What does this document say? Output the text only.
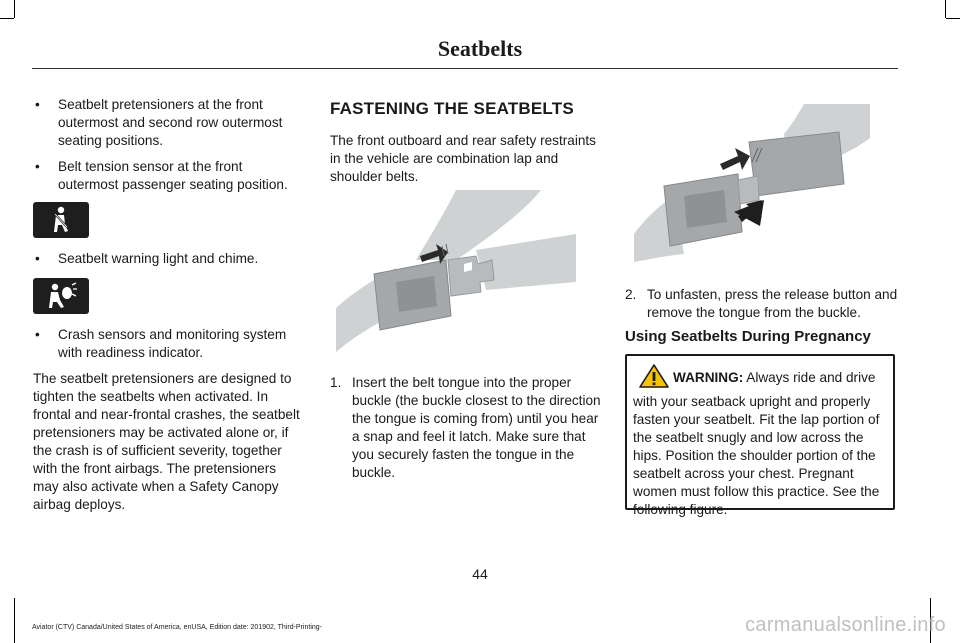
Seatbelts
• Seatbelt pretensioners at the front outermost and second row outermost seating positions.
• Belt tension sensor at the front outermost passenger seating position.
• Seatbelt warning light and chime.
• Crash sensors and monitoring system with readiness indicator.

The seatbelt pretensioners are designed to tighten the seatbelts when activated. In frontal and near-frontal crashes, the seatbelt pretensioners may be activated alone or, if the crash is of sufficient severity, together with the front airbags. The pretensioners may also activate when a Safety Canopy airbag deploys.

FASTENING THE SEATBELTS

The front outboard and rear safety restraints in the vehicle are combination lap and shoulder belts.

1. Insert the belt tongue into the proper buckle (the buckle closest to the direction the tongue is coming from) until you hear a snap and feel it latch. Make sure that you securely fasten the tongue in the buckle.
2. To unfasten, press the release button and remove the tongue from the buckle.
Using Seatbelts During Pregnancy
WARNING: Always ride and drive with your seatback upright and properly fasten your seatbelt. Fit the lap portion of the seatbelt snugly and low across the hips. Position the shoulder portion of the seatbelt across your chest. Pregnant women must follow this practice. See the following figure.
44
Aviator (CTV) Canada/United States of America, enUSA, Edition date: 201902, Third-Printing-	carmanualsonline.info
